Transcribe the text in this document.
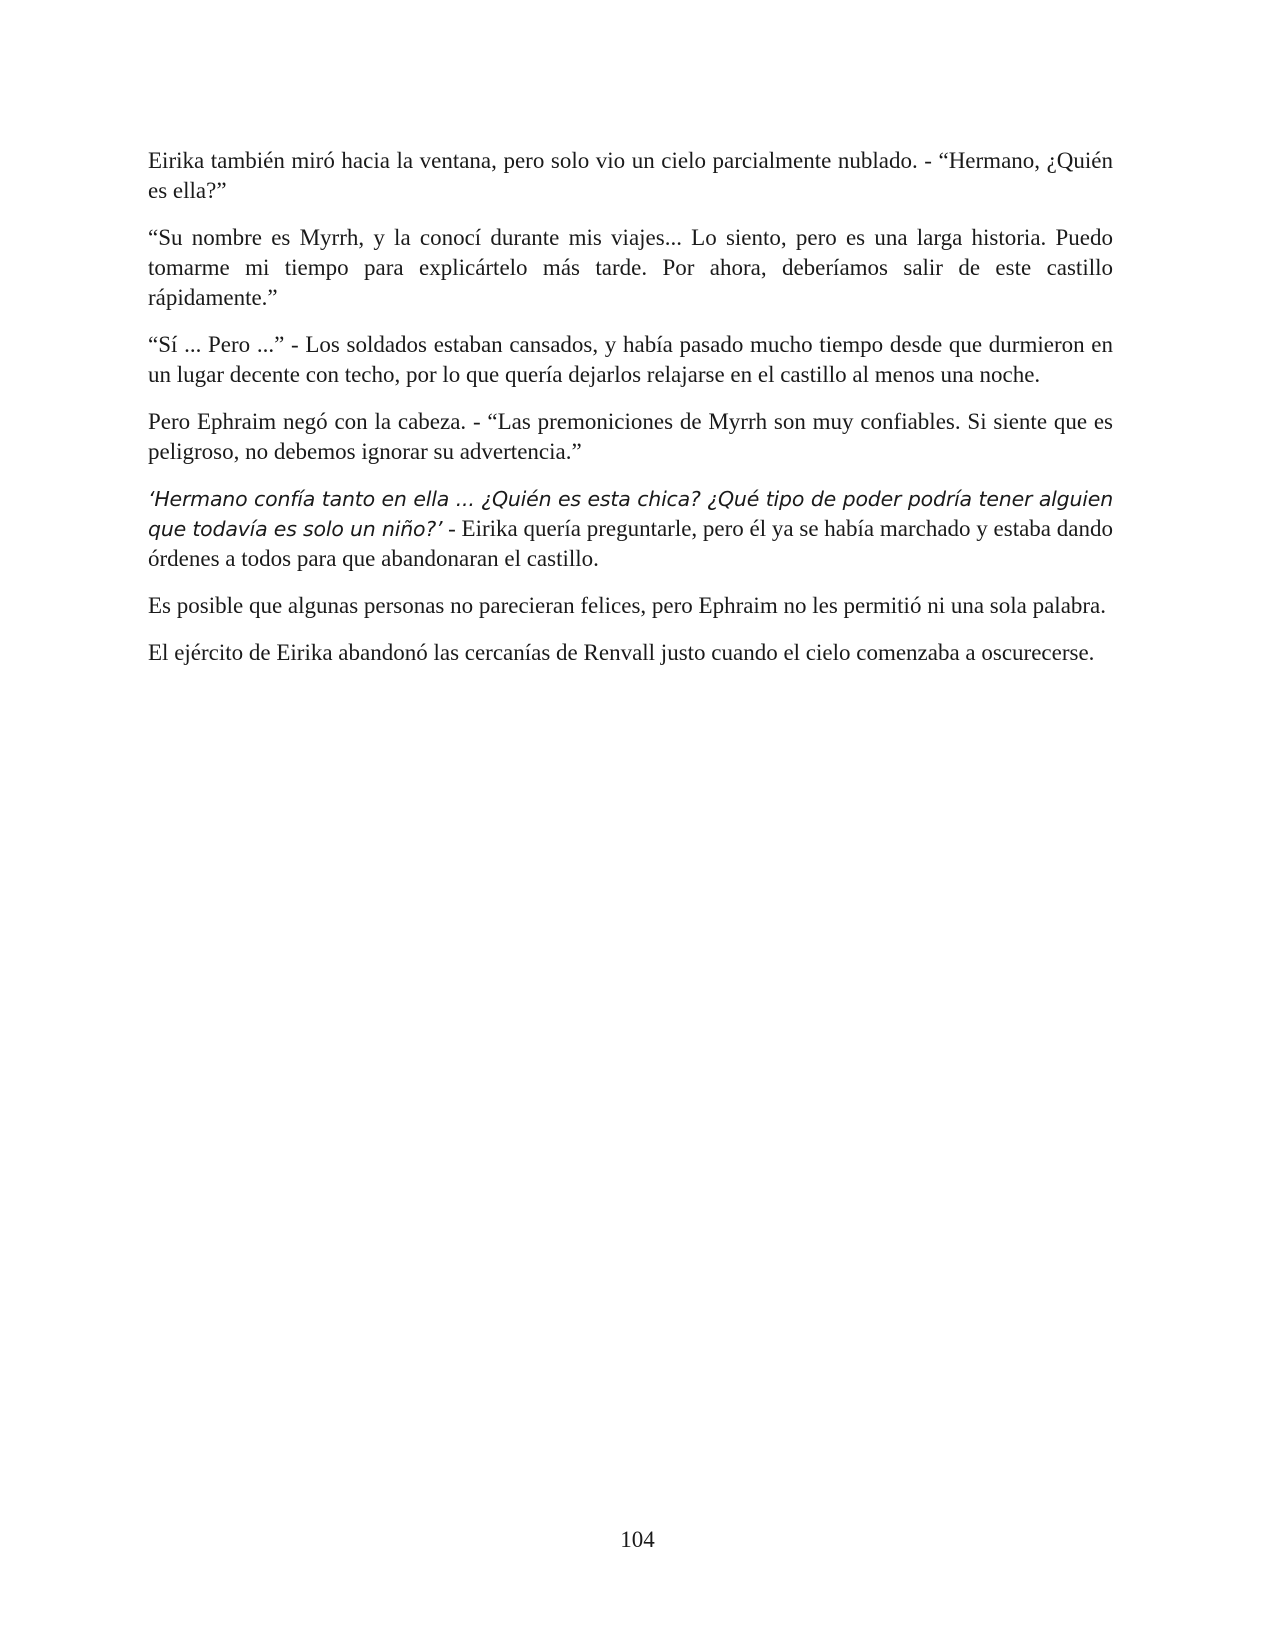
Eirika también miró hacia la ventana, pero solo vio un cielo parcialmente nublado. - “Hermano, ¿Quién es ella?”

“Su nombre es Myrrh, y la conocí durante mis viajes... Lo siento, pero es una larga historia. Puedo tomarme mi tiempo para explicártelo más tarde. Por ahora, deberíamos salir de este castillo rápidamente.”

“Sí ... Pero ...” - Los soldados estaban cansados, y había pasado mucho tiempo desde que durmieron en un lugar decente con techo, por lo que quería dejarlos relajarse en el castillo al menos una noche.

Pero Ephraim negó con la cabeza. - “Las premoniciones de Myrrh son muy confiables. Si siente que es peligroso, no debemos ignorar su advertencia.”

‘Hermano confía tanto en ella ... ¿Quién es esta chica? ¿Qué tipo de poder podría tener alguien que todavía es solo un niño?’ - Eirika quería preguntarle, pero él ya se había marchado y estaba dando órdenes a todos para que abandonaran el castillo.

Es posible que algunas personas no parecieran felices, pero Ephraim no les permitió ni una sola palabra.

El ejército de Eirika abandonó las cercanías de Renvall justo cuando el cielo comenzaba a oscurecerse.

104
